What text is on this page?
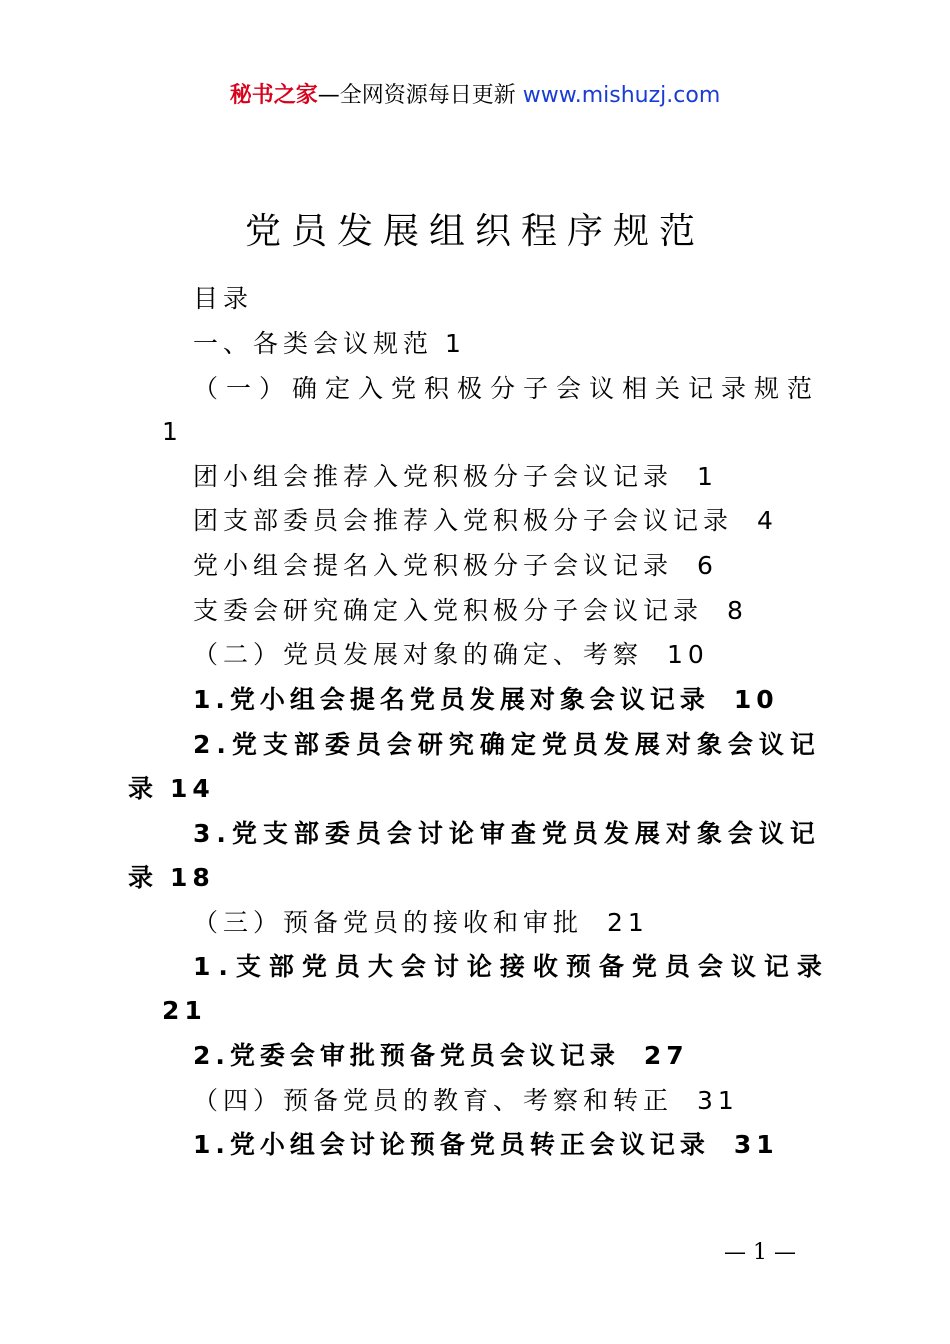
秘书之家—全网资源每日更新 www.mishuzj.com
党员发展组织程序规范
目录
一、各类会议规范 1
（一）确定入党积极分子会议相关记录规范
1
团小组会推荐入党积极分子会议记录 1
团支部委员会推荐入党积极分子会议记录 4
党小组会提名入党积极分子会议记录 6
支委会研究确定入党积极分子会议记录 8
（二）党员发展对象的确定、考察 10
1.党小组会提名党员发展对象会议记录 10
2.党支部委员会研究确定党员发展对象会议记
录 14
3.党支部委员会讨论审查党员发展对象会议记
录 18
（三）预备党员的接收和审批 21
1.支部党员大会讨论接收预备党员会议记录
21
2.党委会审批预备党员会议记录 27
（四）预备党员的教育、考察和转正 31
1.党小组会讨论预备党员转正会议记录 31
— 1 —
